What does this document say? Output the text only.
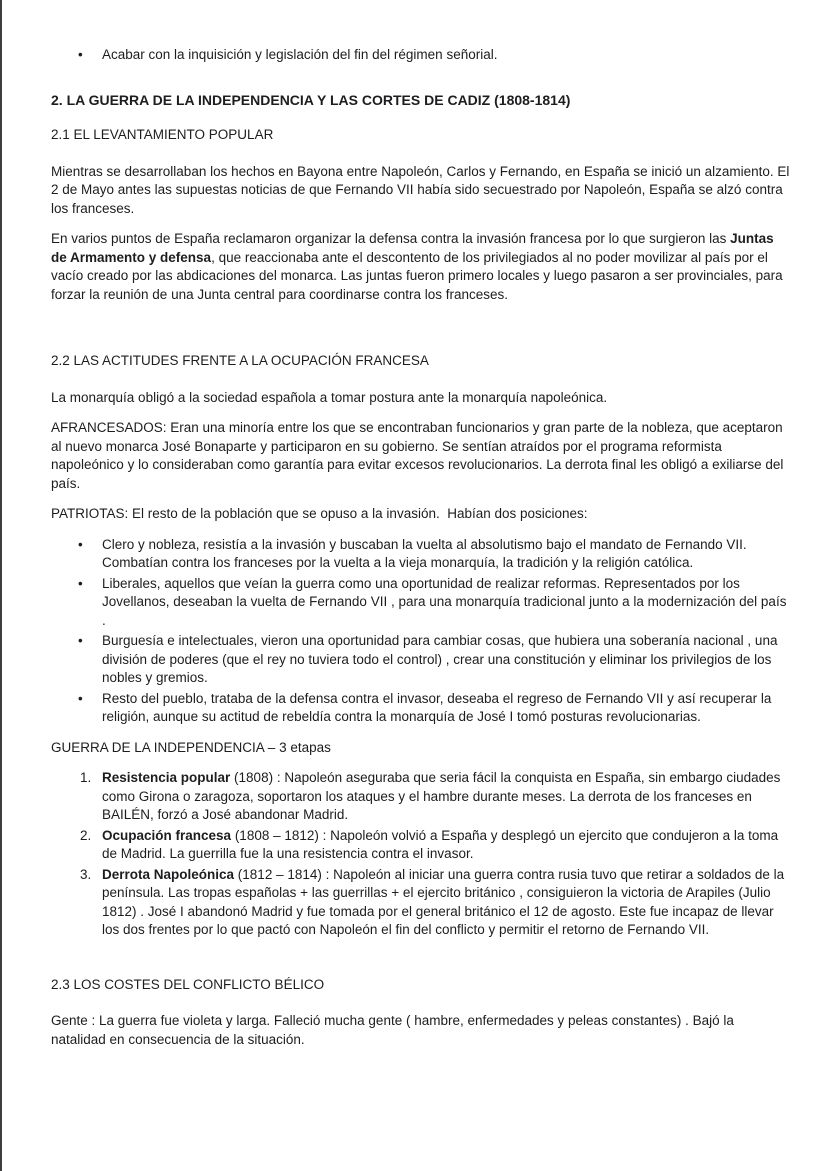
• Acabar con la inquisición y legislación del fin del régimen señorial.
2. LA GUERRA DE LA INDEPENDENCIA Y LAS CORTES DE CADIZ (1808-1814)
2.1 EL LEVANTAMIENTO POPULAR

Mientras se desarrollaban los hechos en Bayona entre Napoleón, Carlos y Fernando, en España se inició un alzamiento. El 2 de Mayo antes las supuestas noticias de que Fernando VII había sido secuestrado por Napoleón, España se alzó contra los franceses.

En varios puntos de España reclamaron organizar la defensa contra la invasión francesa por lo que surgieron las Juntas de Armamento y defensa, que reaccionaba ante el descontento de los privilegiados al no poder movilizar al país por el vacío creado por las abdicaciones del monarca. Las juntas fueron primero locales y luego pasaron a ser provinciales, para forzar la reunión de una Junta central para coordinarse contra los franceses.

2.2 LAS ACTITUDES FRENTE A LA OCUPACIÓN FRANCESA

La monarquía obligó a la sociedad española a tomar postura ante la monarquía napoleónica.

AFRANCESADOS: Eran una minoría entre los que se encontraban funcionarios y gran parte de la nobleza, que aceptaron al nuevo monarca José Bonaparte y participaron en su gobierno. Se sentían atraídos por el programa reformista napoleónico y lo consideraban como garantía para evitar excesos revolucionarios. La derrota final les obligó a exiliarse del país.

PATRIOTAS: El resto de la población que se opuso a la invasión.  Habían dos posiciones:

• Clero y nobleza, resistía a la invasión y buscaban la vuelta al absolutismo bajo el mandato de Fernando VII. Combatían contra los franceses por la vuelta a la vieja monarquía, la tradición y la religión católica.
• Liberales, aquellos que veían la guerra como una oportunidad de realizar reformas. Representados por los Jovellanos, deseaban la vuelta de Fernando VII , para una monarquía tradicional junto a la modernización del país .
• Burguesía e intelectuales, vieron una oportunidad para cambiar cosas, que hubiera una soberanía nacional , una división de poderes (que el rey no tuviera todo el control) , crear una constitución y eliminar los privilegios de los nobles y gremios.
• Resto del pueblo, trataba de la defensa contra el invasor, deseaba el regreso de Fernando VII y así recuperar la religión, aunque su actitud de rebeldía contra la monarquía de José I tomó posturas revolucionarias.

GUERRA DE LA INDEPENDENCIA – 3 etapas

1. Resistencia popular (1808) : Napoleón aseguraba que seria fácil la conquista en España, sin embargo ciudades como Girona o zaragoza, soportaron los ataques y el hambre durante meses. La derrota de los franceses en BAILÉN, forzó a José abandonar Madrid.
2. Ocupación francesa (1808 – 1812) : Napoleón volvió a España y desplegó un ejercito que condujeron a la toma de Madrid. La guerrilla fue la una resistencia contra el invasor.
3. Derrota Napoleónica (1812 – 1814) : Napoleón al iniciar una guerra contra rusia tuvo que retirar a soldados de la península. Las tropas españolas + las guerrillas + el ejercito británico , consiguieron la victoria de Arapiles (Julio 1812) . José I abandonó Madrid y fue tomada por el general británico el 12 de agosto. Este fue incapaz de llevar los dos frentes por lo que pactó con Napoleón el fin del conflicto y permitir el retorno de Fernando VII.
2.3 LOS COSTES DEL CONFLICTO BÉLICO

Gente : La guerra fue violeta y larga. Falleció mucha gente ( hambre, enfermedades y peleas constantes) . Bajó la natalidad en consecuencia de la situación.
